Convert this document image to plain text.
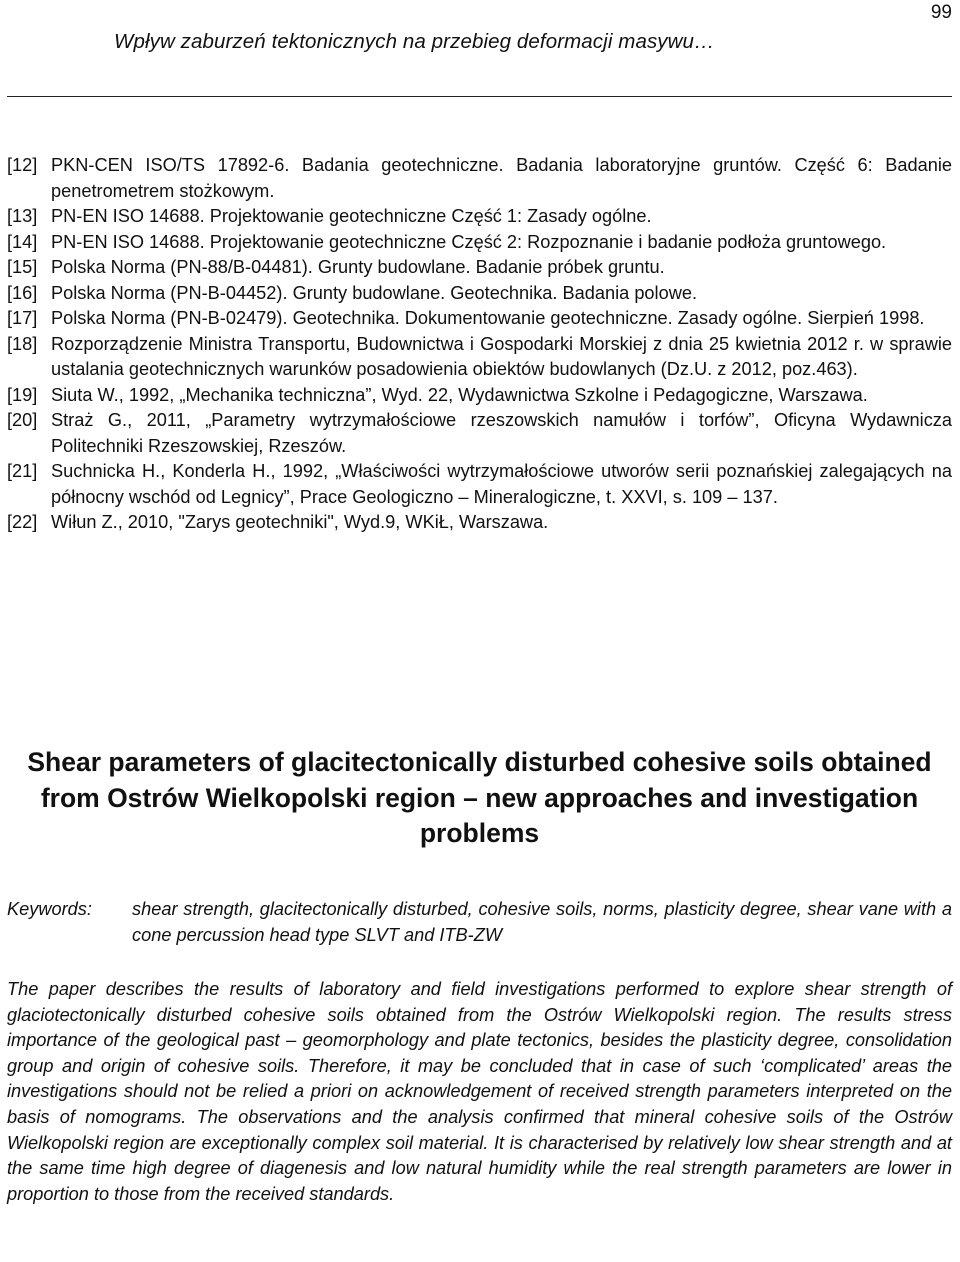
99
Wpływ zaburzeń tektonicznych na przebieg deformacji masywu…
[12] PKN-CEN ISO/TS 17892-6. Badania geotechniczne. Badania laboratoryjne gruntów. Część 6: Badanie penetrometrem stożkowym.
[13] PN-EN ISO 14688. Projektowanie geotechniczne Część 1: Zasady ogólne.
[14] PN-EN ISO 14688. Projektowanie geotechniczne Część 2: Rozpoznanie i badanie podłoża gruntowego.
[15] Polska Norma (PN-88/B-04481). Grunty budowlane. Badanie próbek gruntu.
[16] Polska Norma (PN-B-04452). Grunty budowlane. Geotechnika. Badania polowe.
[17] Polska Norma (PN-B-02479). Geotechnika. Dokumentowanie geotechniczne. Zasady ogólne. Sierpień 1998.
[18] Rozporządzenie Ministra Transportu, Budownictwa i Gospodarki Morskiej z dnia 25 kwietnia 2012 r. w sprawie ustalania geotechnicznych warunków posadowienia obiektów budowlanych (Dz.U. z 2012, poz.463).
[19] Siuta W., 1992, „Mechanika techniczna”, Wyd. 22, Wydawnictwa Szkolne i Pedagogiczne, Warszawa.
[20] Straż G., 2011, „Parametry wytrzymałościowe rzeszowskich namułów i torfów”, Oficyna Wydawnicza Politechniki Rzeszowskiej, Rzeszów.
[21] Suchnicka H., Konderla H., 1992, „Właściwości wytrzymałościowe utworów serii poznańskiej zalegających na północny wschód od Legnicy”, Prace Geologiczno – Mineralogiczne, t. XXVI, s. 109 – 137.
[22] Wiłun Z., 2010, "Zarys geotechniki", Wyd.9, WKiŁ, Warszawa.
Shear parameters of glacitectonically disturbed cohesive soils obtained from Ostrów Wielkopolski region – new approaches and investigation problems
Keywords:	shear strength, glacitectonically disturbed, cohesive soils, norms, plasticity degree, shear vane with a cone percussion head type SLVT and ITB-ZW

The paper describes the results of laboratory and field investigations performed to explore shear strength of glaciotectonically disturbed cohesive soils obtained from the Ostrów Wielkopolski region. The results stress importance of the geological past – geomorphology and plate tectonics, besides the plasticity degree, consolidation group and origin of cohesive soils. Therefore, it may be concluded that in case of such ‘complicated’ areas the investigations should not be relied a priori on acknowledgement of received strength parameters interpreted on the basis of nomograms. The observations and the analysis confirmed that mineral cohesive soils of the Ostrów Wielkopolski region are exceptionally complex soil material. It is characterised by relatively low shear strength and at the same time high degree of diagenesis and low natural humidity while the real strength parameters are lower in proportion to those from the received standards.
